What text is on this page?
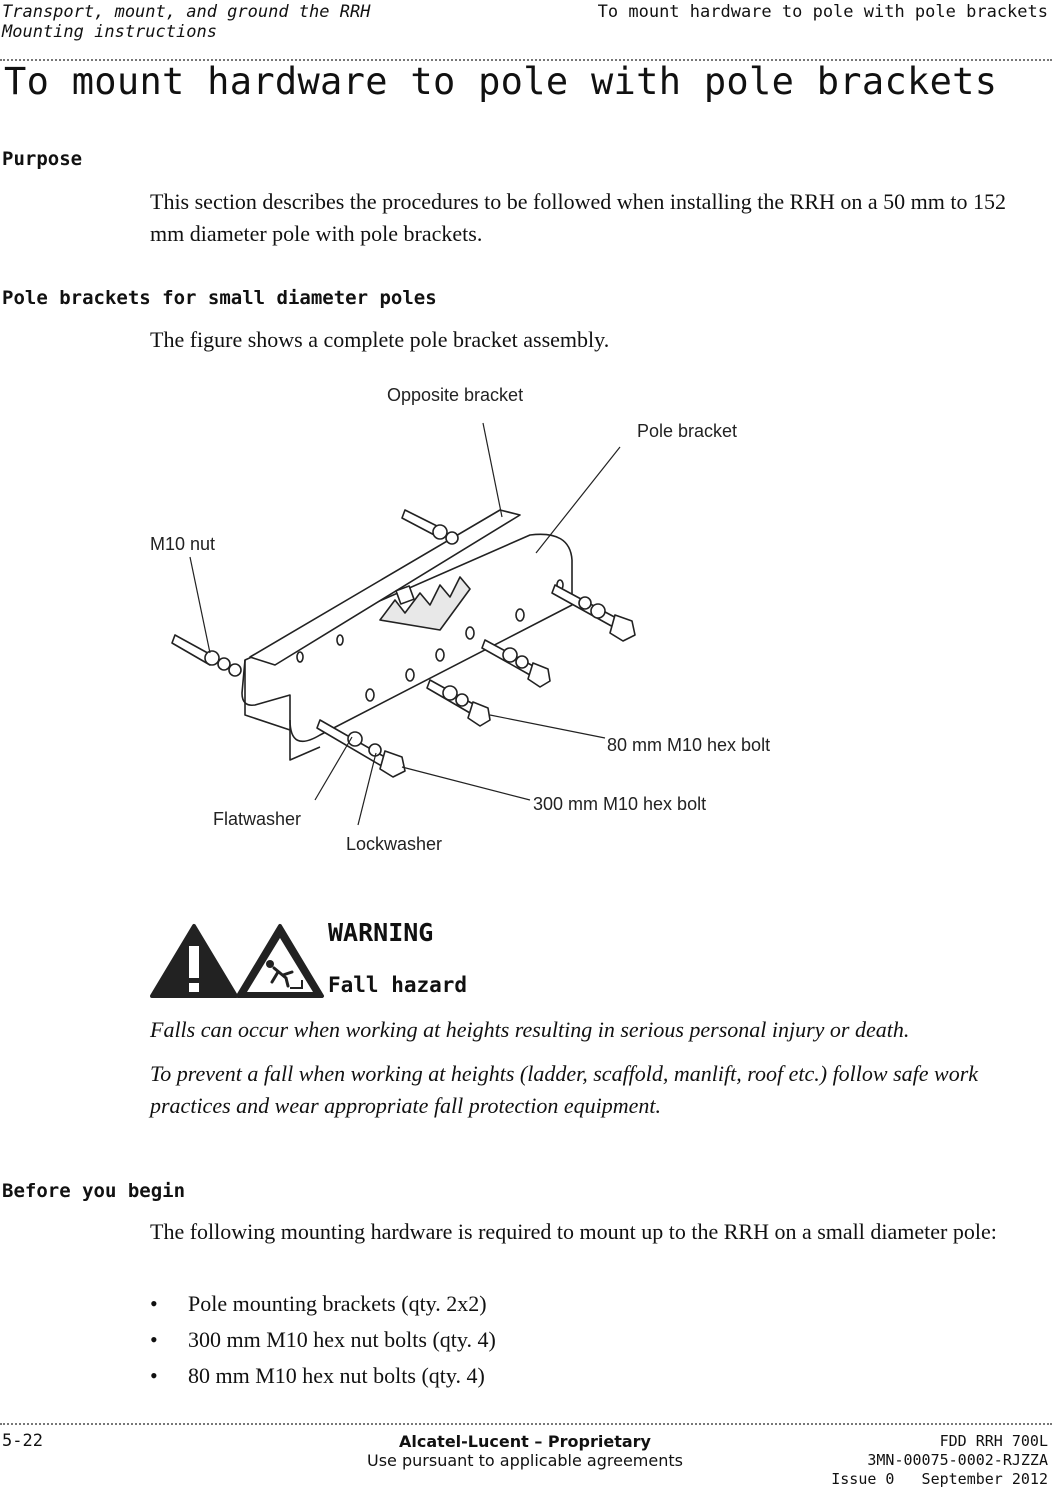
Transport, mount, and ground the RRH
Mounting instructions
To mount hardware to pole with pole brackets
To mount hardware to pole with pole brackets
Purpose

This section describes the procedures to be followed when installing the RRH on a 50 mm to 152 mm diameter pole with pole brackets.

Pole brackets for small diameter poles

The figure shows a complete pole bracket assembly.

Opposite bracket
Pole bracket
M10 nut
80 mm M10 hex bolt
300 mm M10 hex bolt
Flatwasher
Lockwasher
WARNING
Fall hazard

Falls can occur when working at heights resulting in serious personal injury or death.

To prevent a fall when working at heights (ladder, scaffold, manlift, roof etc.) follow safe work practices and wear appropriate fall protection equipment.

Before you begin

The following mounting hardware is required to mount up to the RRH on a small diameter pole:

• Pole mounting brackets (qty. 2x2)
• 300 mm M10 hex nut bolts (qty. 4)
• 80 mm M10 hex nut bolts (qty. 4)
5-22	Alcatel-Lucent – Proprietary
Use pursuant to applicable agreements
FDD RRH 700L
3MN-00075-0002-RJZZA
Issue 0   September 2012
